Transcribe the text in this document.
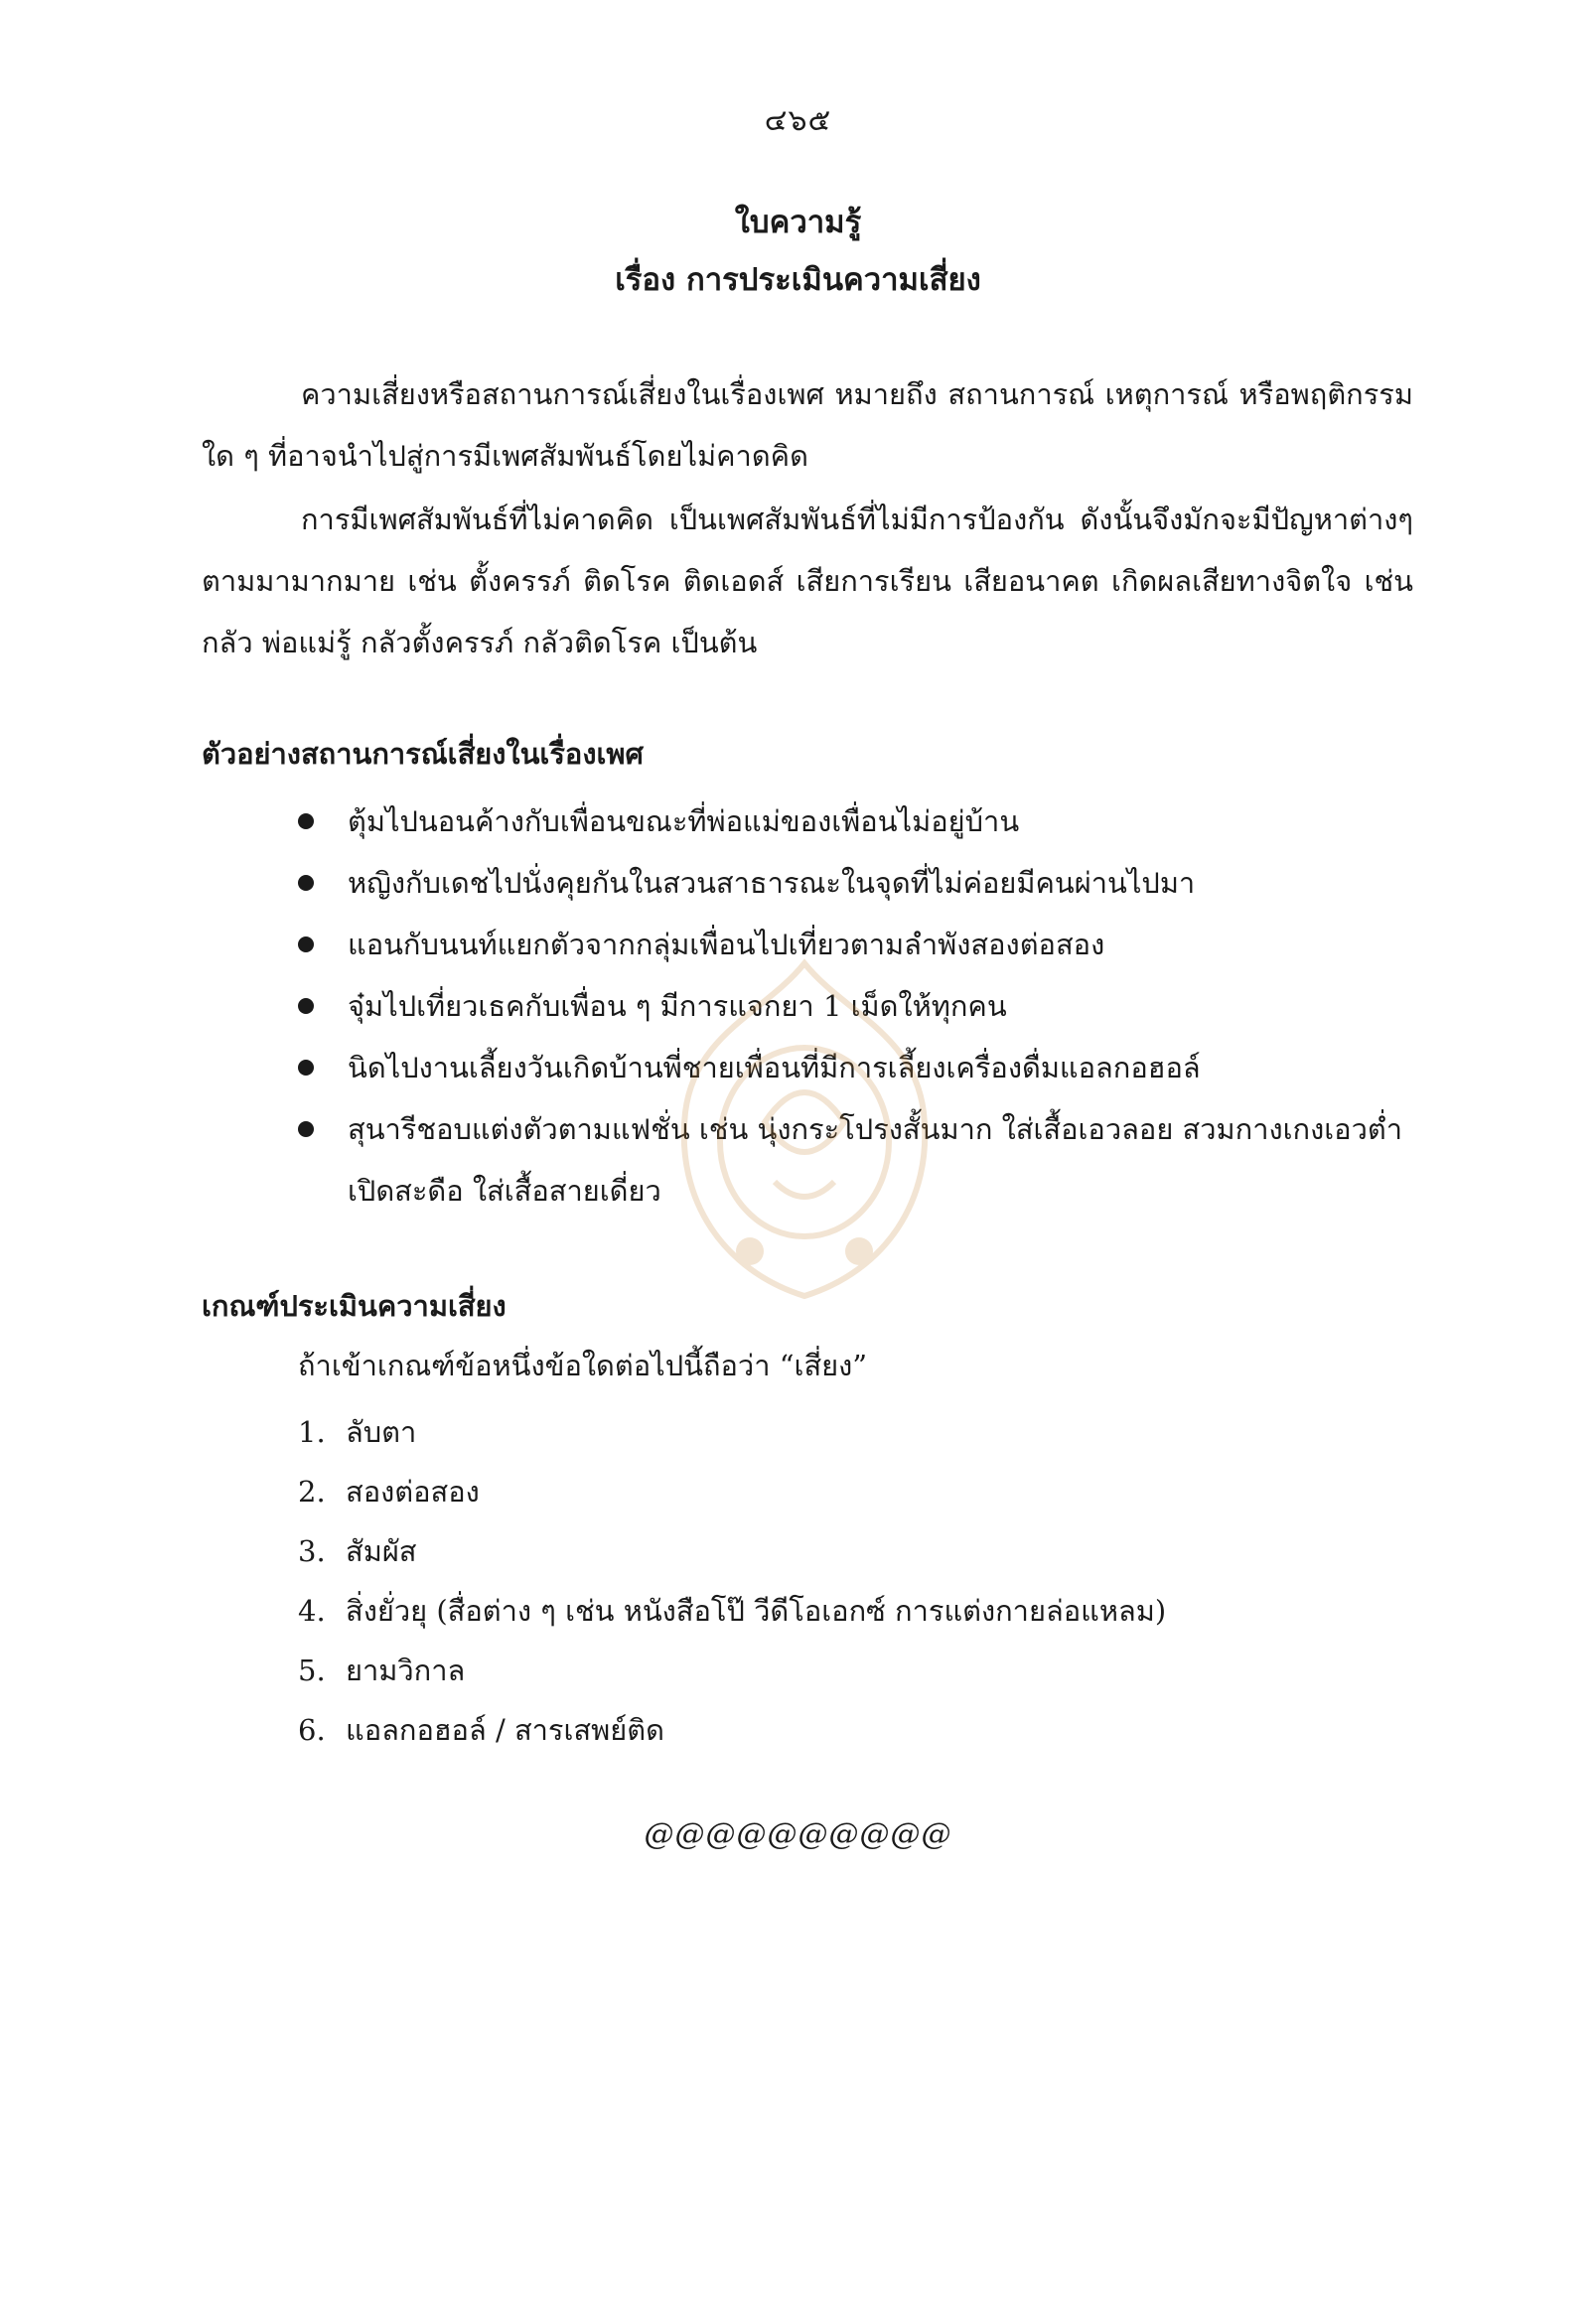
๔๖๕
ใบความรู้
เรื่อง การประเมินความเสี่ยง

ความเสี่ยงหรือสถานการณ์เสี่ยงในเรื่องเพศ หมายถึง สถานการณ์ เหตุการณ์ หรือพฤติกรรม ใด ๆ ที่อาจนำไปสู่การมีเพศสัมพันธ์โดยไม่คาดคิด

การมีเพศสัมพันธ์ที่ไม่คาดคิด เป็นเพศสัมพันธ์ที่ไม่มีการป้องกัน ดังนั้นจึงมักจะมีปัญหาต่างๆ ตามมามากมาย เช่น ตั้งครรภ์ ติดโรค ติดเอดส์ เสียการเรียน เสียอนาคต เกิดผลเสียทางจิตใจ เช่น กลัว พ่อแม่รู้ กลัวตั้งครรภ์ กลัวติดโรค เป็นต้น

ตัวอย่างสถานการณ์เสี่ยงในเรื่องเพศ
ตุ้มไปนอนค้างกับเพื่อนขณะที่พ่อแม่ของเพื่อนไม่อยู่บ้าน
หญิงกับเดชไปนั่งคุยกันในสวนสาธารณะในจุดที่ไม่ค่อยมีคนผ่านไปมา
แอนกับนนท์แยกตัวจากกลุ่มเพื่อนไปเที่ยวตามลำพังสองต่อสอง
จุ๋มไปเที่ยวเธคกับเพื่อน ๆ มีการแจกยา 1 เม็ดให้ทุกคน
นิดไปงานเลี้ยงวันเกิดบ้านพี่ชายเพื่อนที่มีการเลี้ยงเครื่องดื่มแอลกอฮอล์
สุนารีชอบแต่งตัวตามแฟชั่น เช่น นุ่งกระโปรงสั้นมาก ใส่เสื้อเอวลอย สวมกางเกงเอวต่ำ เปิดสะดือ ใส่เสื้อสายเดี่ยว
เกณฑ์ประเมินความเสี่ยง
ถ้าเข้าเกณฑ์ข้อหนึ่งข้อใดต่อไปนี้ถือว่า “เสี่ยง”
1. ลับตา
2. สองต่อสอง
3. สัมผัส
4. สิ่งยั่วยุ (สื่อต่าง ๆ เช่น หนังสือโป๊ วีดีโอเอกซ์ การแต่งกายล่อแหลม)
5. ยามวิกาล
6. แอลกอฮอล์ / สารเสพย์ติด
@@@@@@@@@@
